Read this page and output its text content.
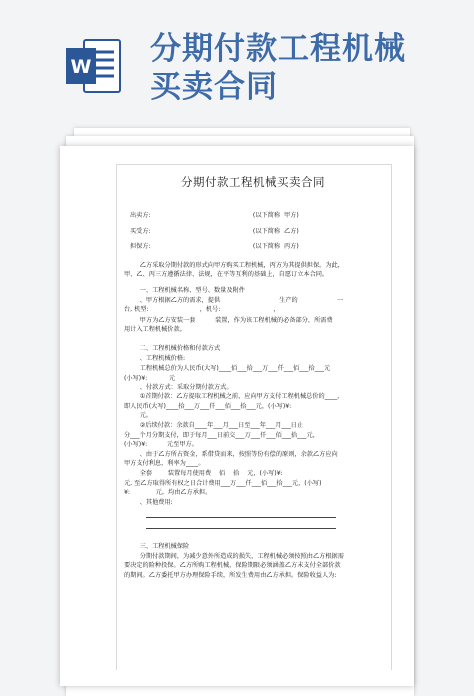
W 分期付款工程机械
买卖合同
分期付款工程机械买卖合同
出卖方:                                                    (以下简称  甲方)
买受方:                                                    (以下简称  乙方)
担保方:                                                    (以下简称  丙方)
乙方采取分期付款的形式向甲方购买工程机械，丙方为其提供担保。为此，
甲、乙、丙三方遵循法律、法规，在平等互利的基础上，自愿订立本合同。
一、工程机械名称、型号、数量及附件
、甲方根据乙方的需求，提供                              生产的                    一
台, 机型:                          ，机号:                           ，
甲方为乙方安装一套          装置，作为该工程机械的必备部分，所需费
用计入工程机械价款。
二、工程机械价格和付款方式
、工程机械价格:
工程机械总价为人民币(大写)____佰___拾___万___仟___佰___拾___元
(小写)¥:           元
、付款方式：采取分期付款方式。
①首期付款：乙方提取工程机械之前，应向甲方支付工程机械总价的____，
即人民币(大写)____拾___万___仟___佰___拾___元，(小写)¥:
元。
②后续付款：余款自____年___月___日至___年___月___日止
分___个月分期支付，即于每月___日前交___万___仟___佰___拾___元，
(小写)¥:          元至甲方。
、由于乙方所占资金，系借贷而来，按照等份有偿的原则，余款乙方应向
甲方支付利息，利率为____。
全套        装置每月使用费    佰    拾    元，(小写)¥:
元, 至乙方取得所有权之日合计费用___万___仟___佰___拾___元，(小写)
¥:             元。均由乙方承担。
、其他费用:
三、工程机械保险
分期付款期间，为减少意外所造成的损失，工程机械必须按照由乙方根据需
要决定的险种投保。乙方所购工程机械，保险期限必须涵盖乙方未支付全部价款
的期间。乙方委托甲方办理保险手续，所发生费用由乙方承担。保险收益人为:
